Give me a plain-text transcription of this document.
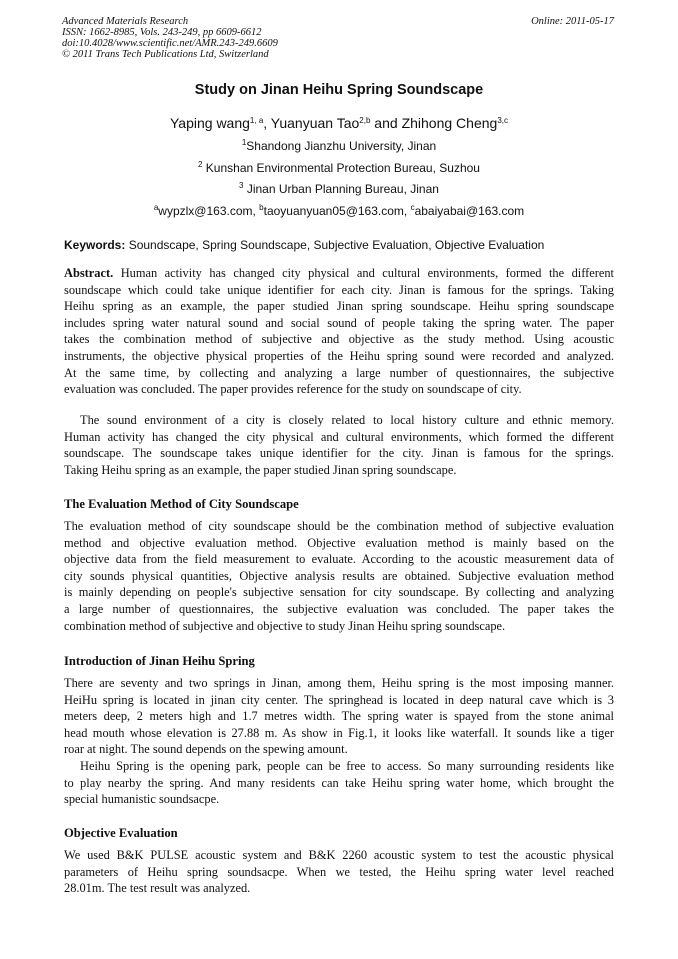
Advanced Materials Research
ISSN: 1662-8985, Vols. 243-249, pp 6609-6612
doi:10.4028/www.scientific.net/AMR.243-249.6609
© 2011 Trans Tech Publications Ltd, Switzerland
Online: 2011-05-17
Study on Jinan Heihu Spring Soundscape
Yaping wang$^{1, a}$, Yuanyuan Tao$^{2,b}$ and Zhihong Cheng$^{3,c}$
$^1$Shandong Jianzhu University, Jinan
$^2$ Kunshan Environmental Protection Bureau, Suzhou
$^3$ Jinan Urban Planning Bureau, Jinan
$^a$wypzlx@163.com, $^b$taoyuanyuan05@163.com, $^c$abaiyabai@163.com
Keywords: Soundscape, Spring Soundscape, Subjective Evaluation, Objective Evaluation
Abstract. Human activity has changed city physical and cultural environments, formed the different
soundscape which could take unique identifier for each city. Jinan is famous for the springs. Taking
Heihu spring as an example, the paper studied Jinan spring soundscape. Heihu spring soundscape
includes spring water natural sound and social sound of people taking the spring water. The paper
takes the combination method of subjective and objective as the study method. Using acoustic
instruments, the objective physical properties of the Heihu spring sound were recorded and analyzed.
At the same time, by collecting and analyzing a large number of questionnaires, the subjective
evaluation was concluded. The paper provides reference for the study on soundscape of city.
The sound environment of a city is closely related to local history culture and ethnic memory.
Human activity has changed the city physical and cultural environments, which formed the different
soundscape. The soundscape takes unique identifier for the city. Jinan is famous for the springs.
Taking Heihu spring as an example, the paper studied Jinan spring soundscape.
The Evaluation Method of City Soundscape
The evaluation method of city soundscape should be the combination method of subjective evaluation
method and objective evaluation method. Objective evaluation method is mainly based on the
objective data from the field measurement to evaluate. According to the acoustic measurement data of
city sounds physical quantities, Objective analysis results are obtained. Subjective evaluation method
is mainly depending on people's subjective sensation for city soundscape. By collecting and analyzing
a large number of questionnaires, the subjective evaluation was concluded. The paper takes the
combination method of subjective and objective to study Jinan Heihu spring soundscape.
Introduction of Jinan Heihu Spring
There are seventy and two springs in Jinan, among them, Heihu spring is the most imposing manner.
HeiHu spring is located in jinan city center. The springhead is located in deep natural cave which is 3
meters deep, 2 meters high and 1.7 metres width. The spring water is spayed from the stone animal
head mouth whose elevation is 27.88 m. As show in Fig.1, it looks like waterfall. It sounds like a tiger
roar at night. The sound depends on the spewing amount.
Heihu Spring is the opening park, people can be free to access. So many surrounding residents like
to play nearby the spring. And many residents can take Heihu spring water home, which brought the
special humanistic soundsacpe.
Objective Evaluation
We used B&K PULSE acoustic system and B&K 2260 acoustic system to test the acoustic physical
parameters of Heihu spring soundsacpe. When we tested, the Heihu spring water level reached
28.01m. The test result was analyzed.
